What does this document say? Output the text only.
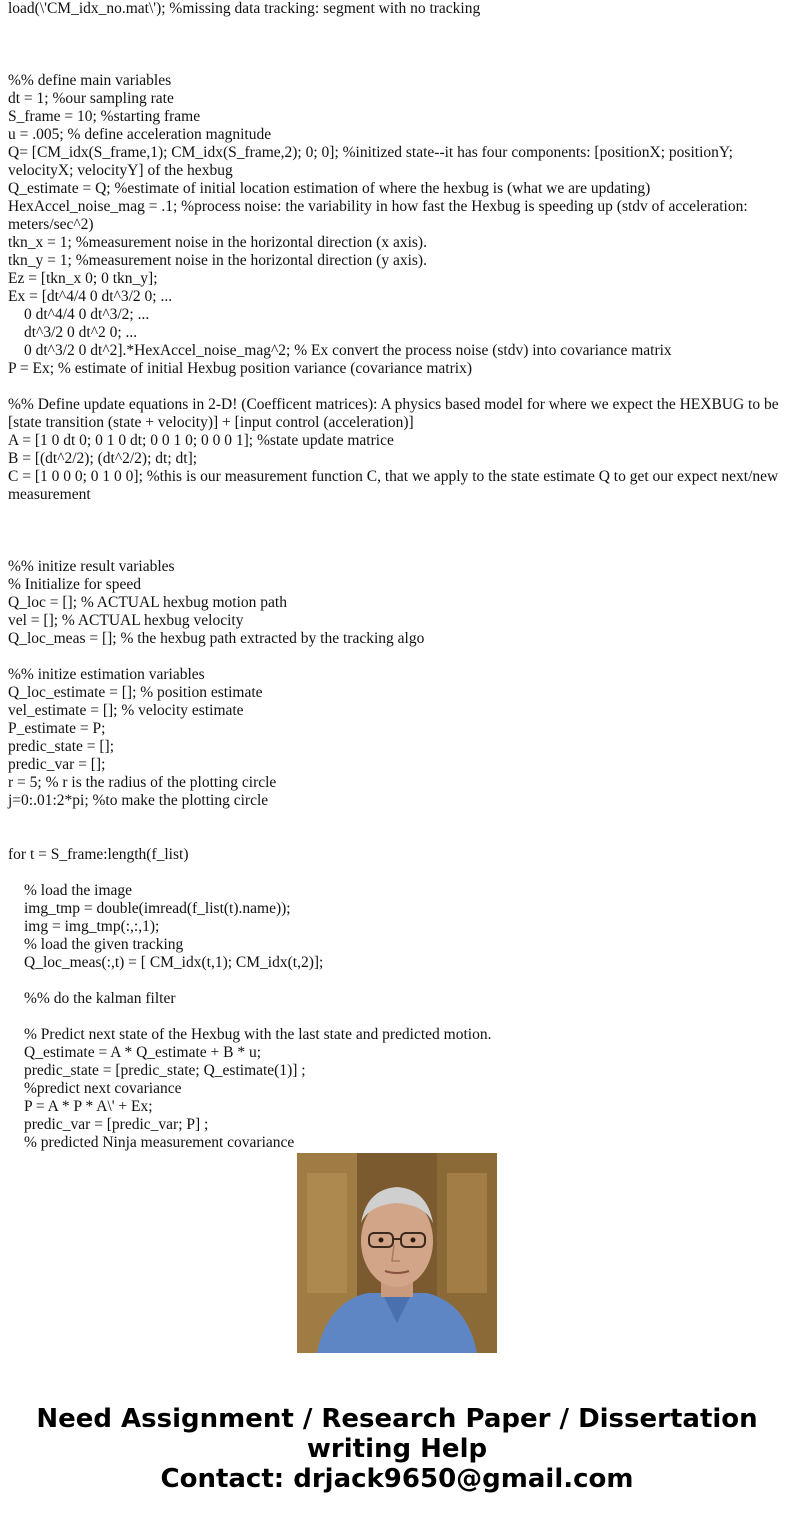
load(\'CM_idx_no.mat\'); %missing data tracking: segment with no tracking
%% define main variables
dt = 1; %our sampling rate
S_frame = 10; %starting frame
u = .005; % define acceleration magnitude
Q= [CM_idx(S_frame,1); CM_idx(S_frame,2); 0; 0]; %initized state--it has four components: [positionX; positionY; velocityX; velocityY] of the hexbug
Q_estimate = Q; %estimate of initial location estimation of where the hexbug is (what we are updating)
HexAccel_noise_mag = .1; %process noise: the variability in how fast the Hexbug is speeding up (stdv of acceleration: meters/sec^2)
tkn_x = 1; %measurement noise in the horizontal direction (x axis).
tkn_y = 1; %measurement noise in the horizontal direction (y axis).
Ez = [tkn_x 0; 0 tkn_y];
Ex = [dt^4/4 0 dt^3/2 0; ...
0 dt^4/4 0 dt^3/2; ...
dt^3/2 0 dt^2 0; ...
0 dt^3/2 0 dt^2].*HexAccel_noise_mag^2; % Ex convert the process noise (stdv) into covariance matrix
P = Ex; % estimate of initial Hexbug position variance (covariance matrix)
%% Define update equations in 2-D! (Coefficent matrices): A physics based model for where we expect the HEXBUG to be [state transition (state + velocity)] + [input control (acceleration)]
A = [1 0 dt 0; 0 1 0 dt; 0 0 1 0; 0 0 0 1]; %state update matrice
B = [(dt^2/2); (dt^2/2); dt; dt];
C = [1 0 0 0; 0 1 0 0]; %this is our measurement function C, that we apply to the state estimate Q to get our expect next/new measurement
%% initize result variables
% Initialize for speed
Q_loc = []; % ACTUAL hexbug motion path
vel = []; % ACTUAL hexbug velocity
Q_loc_meas = []; % the hexbug path extracted by the tracking algo
%% initize estimation variables
Q_loc_estimate = []; % position estimate
vel_estimate = []; % velocity estimate
P_estimate = P;
predic_state = [];
predic_var = [];
r = 5; % r is the radius of the plotting circle
j=0:.01:2*pi; %to make the plotting circle
for t = S_frame:length(f_list)
% load the image
img_tmp = double(imread(f_list(t).name));
img = img_tmp(:,:,1);
% load the given tracking
Q_loc_meas(:,t) = [ CM_idx(t,1); CM_idx(t,2)];
%% do the kalman filter
% Predict next state of the Hexbug with the last state and predicted motion.
Q_estimate = A * Q_estimate + B * u;
predic_state = [predic_state; Q_estimate(1)] ;
%predict next covariance
P = A * P * A\' + Ex;
predic_var = [predic_var; P] ;
% predicted Ninja measurement covariance
Need Assignment / Research Paper / Dissertation
writing Help
Contact: drjack9650@gmail.com
